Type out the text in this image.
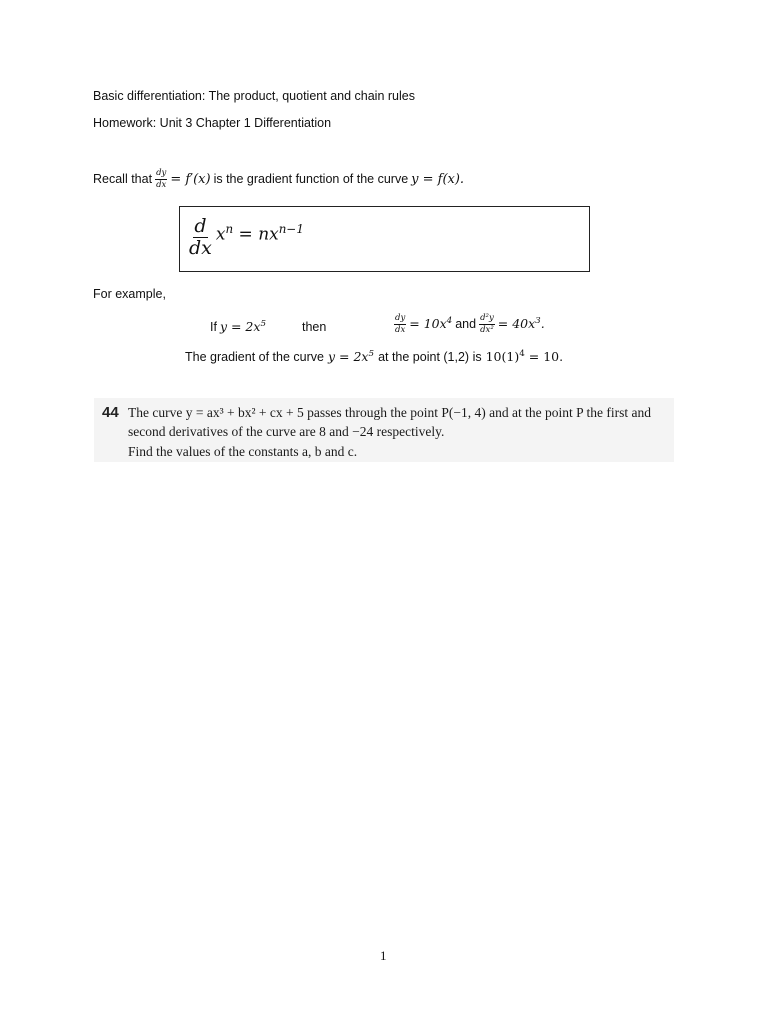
Basic differentiation: The product, quotient and chain rules
Homework: Unit 3 Chapter 1 Differentiation
Recall that $\frac{dy}{dx} = f'(x)$ is the gradient function of the curve y = f(x).
$\frac{d}{dx} x^n = nx^{n-1}$
For example,
If $y = 2x^5$	then	$\frac{dy}{dx} = 10x^4$ and $\frac{\text{d²y}}{\text{dx²}} = 40x^3$.
The gradient of the curve $y = 2x^5$ at the point (1,2) is $10(1)^4 = 10$.
44 The curve y = ax³ + bx² + cx + 5 passes through the point P(−1, 4) and at the point P the first and
second derivatives of the curve are 8 and −24 respectively.
Find the values of the constants a, b and c.
1
